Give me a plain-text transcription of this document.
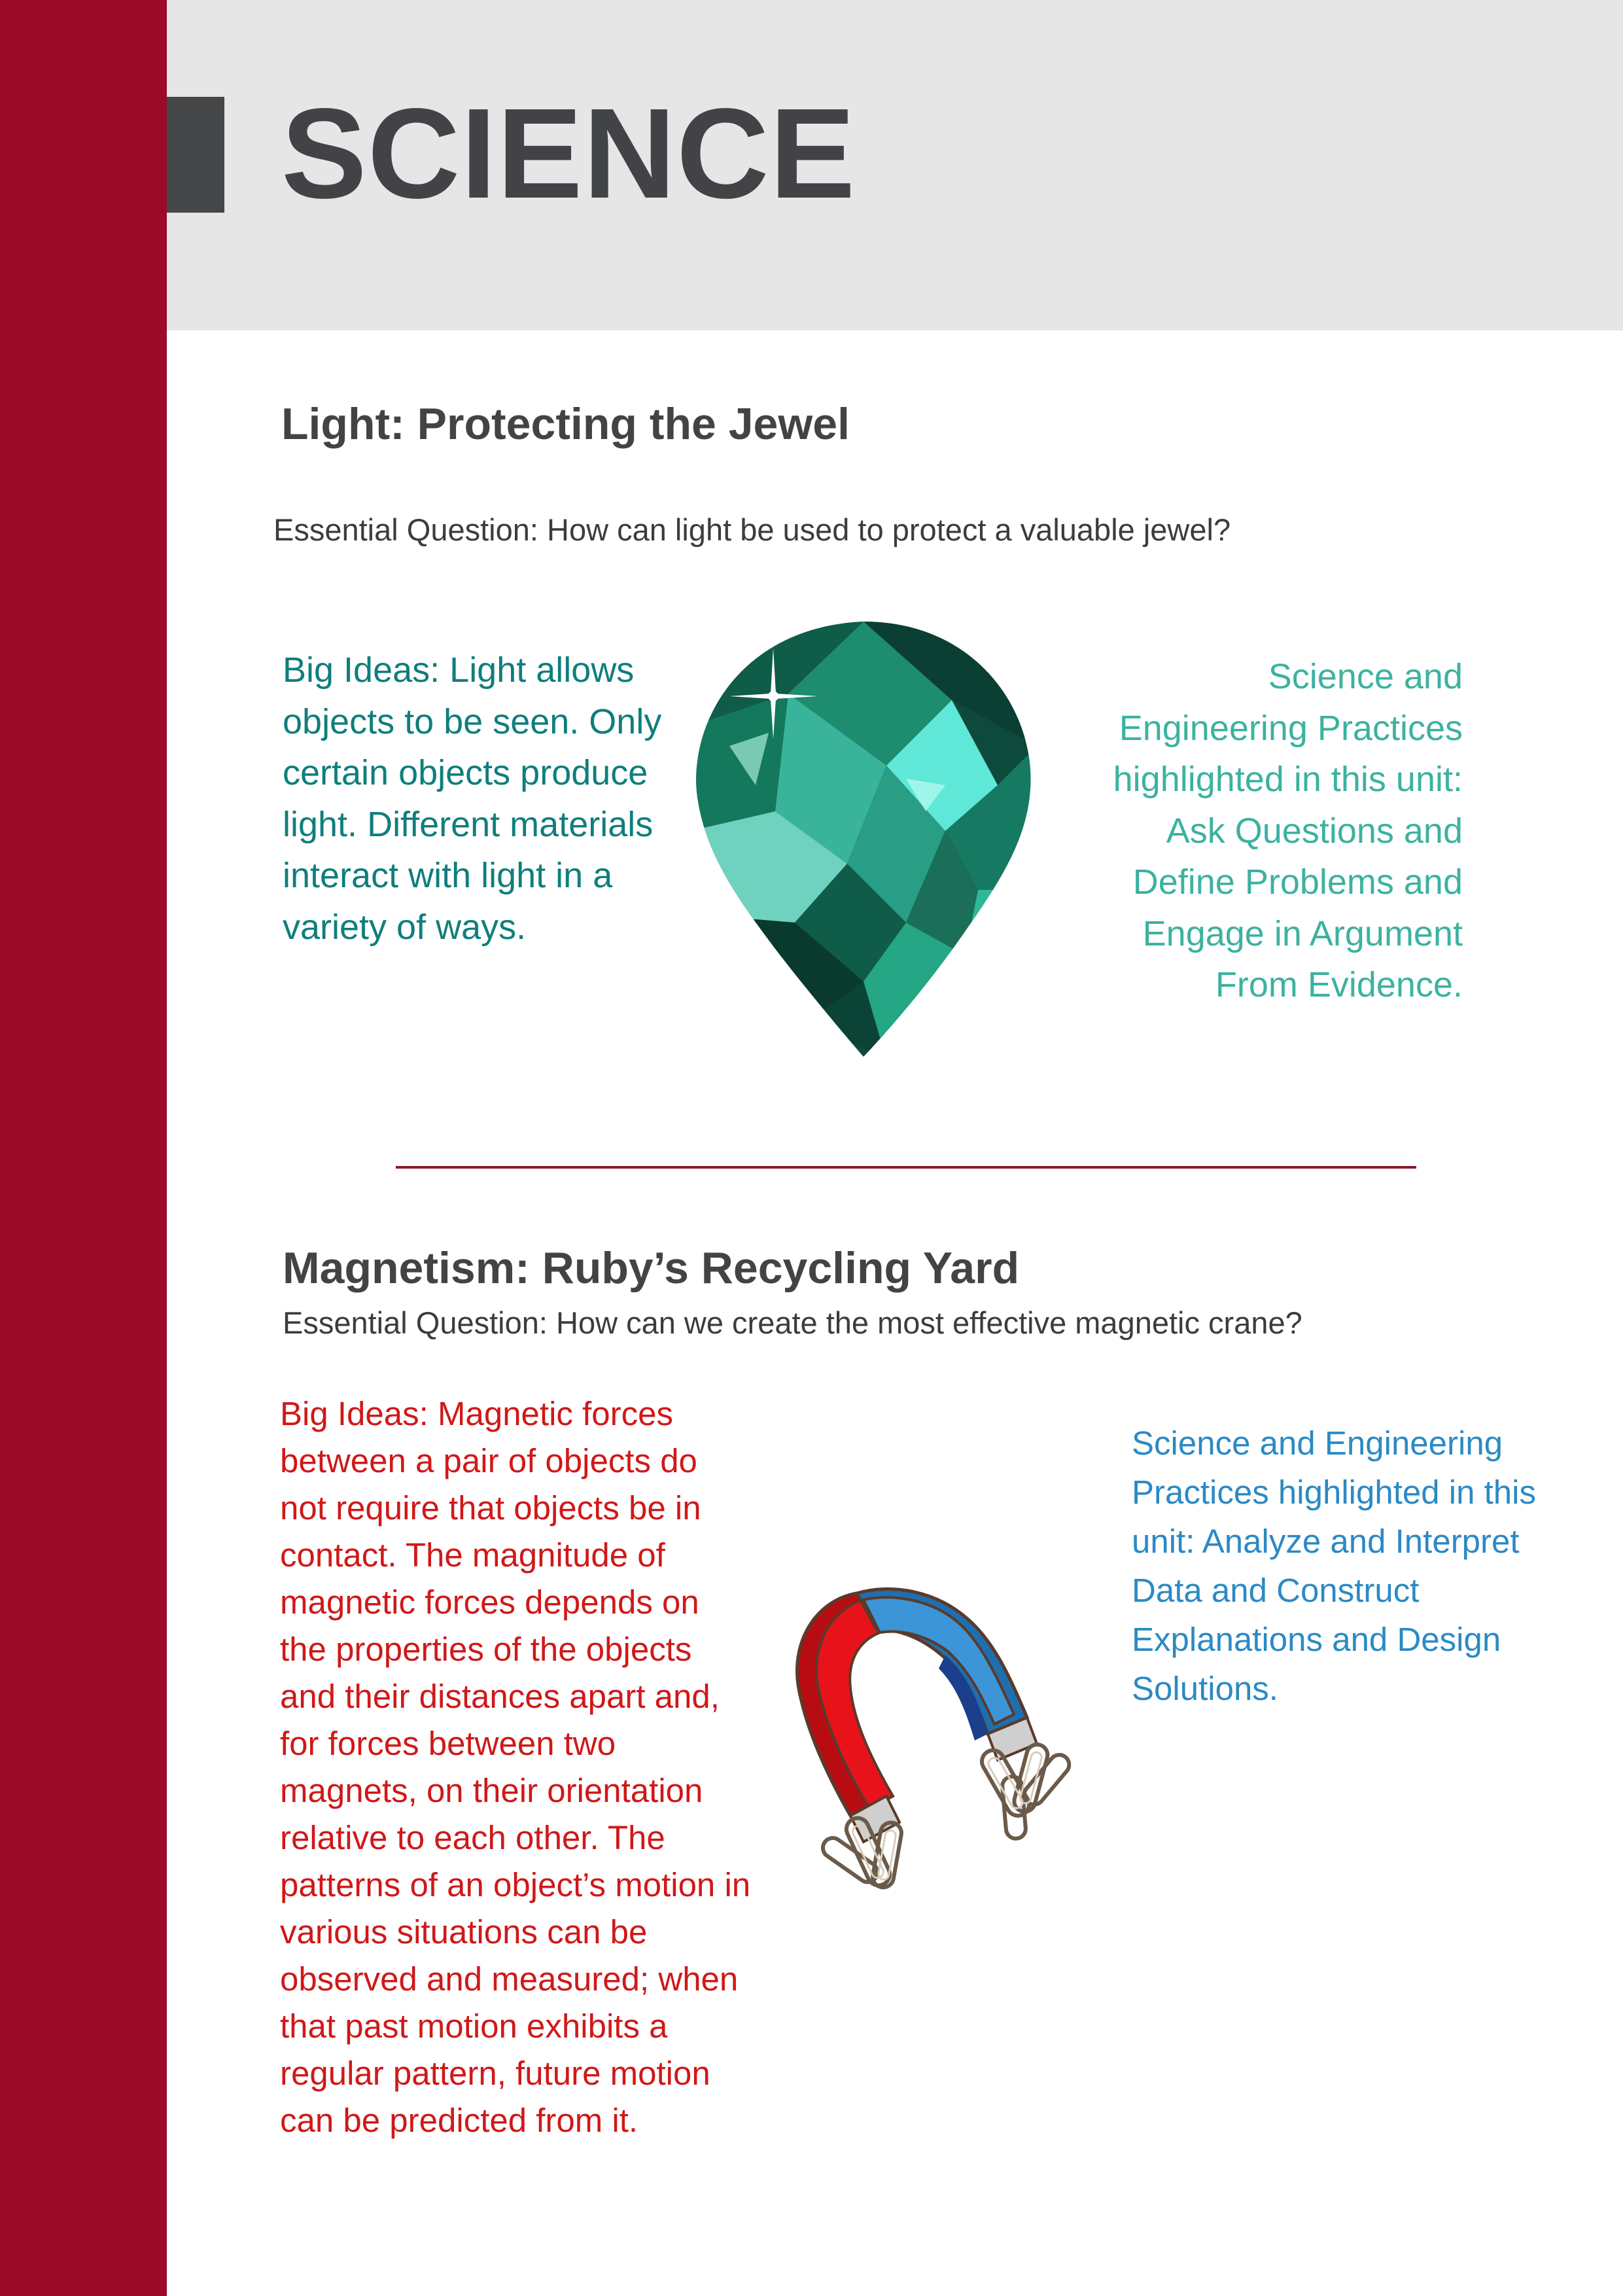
SCIENCE
Light: Protecting the Jewel

Essential Question: How can light be used to protect a valuable jewel?

Big Ideas: Light allows objects to be seen. Only certain objects produce light. Different materials interact with light in a variety of ways.

Science and Engineering Practices highlighted in this unit: Ask Questions and Define Problems and Engage in Argument From Evidence.

Magnetism: Ruby’s Recycling Yard

Essential Question: How can we create the most effective magnetic crane?

Big Ideas: Magnetic forces between a pair of objects do not require that objects be in contact. The magnitude of magnetic forces depends on the properties of the objects and their distances apart and, for forces between two magnets, on their orientation relative to each other. The patterns of an object’s motion in various situations can be observed and measured; when that past motion exhibits a regular pattern, future motion can be predicted from it.

Science and Engineering Practices highlighted in this unit: Analyze and Interpret Data and Construct Explanations and Design Solutions.
